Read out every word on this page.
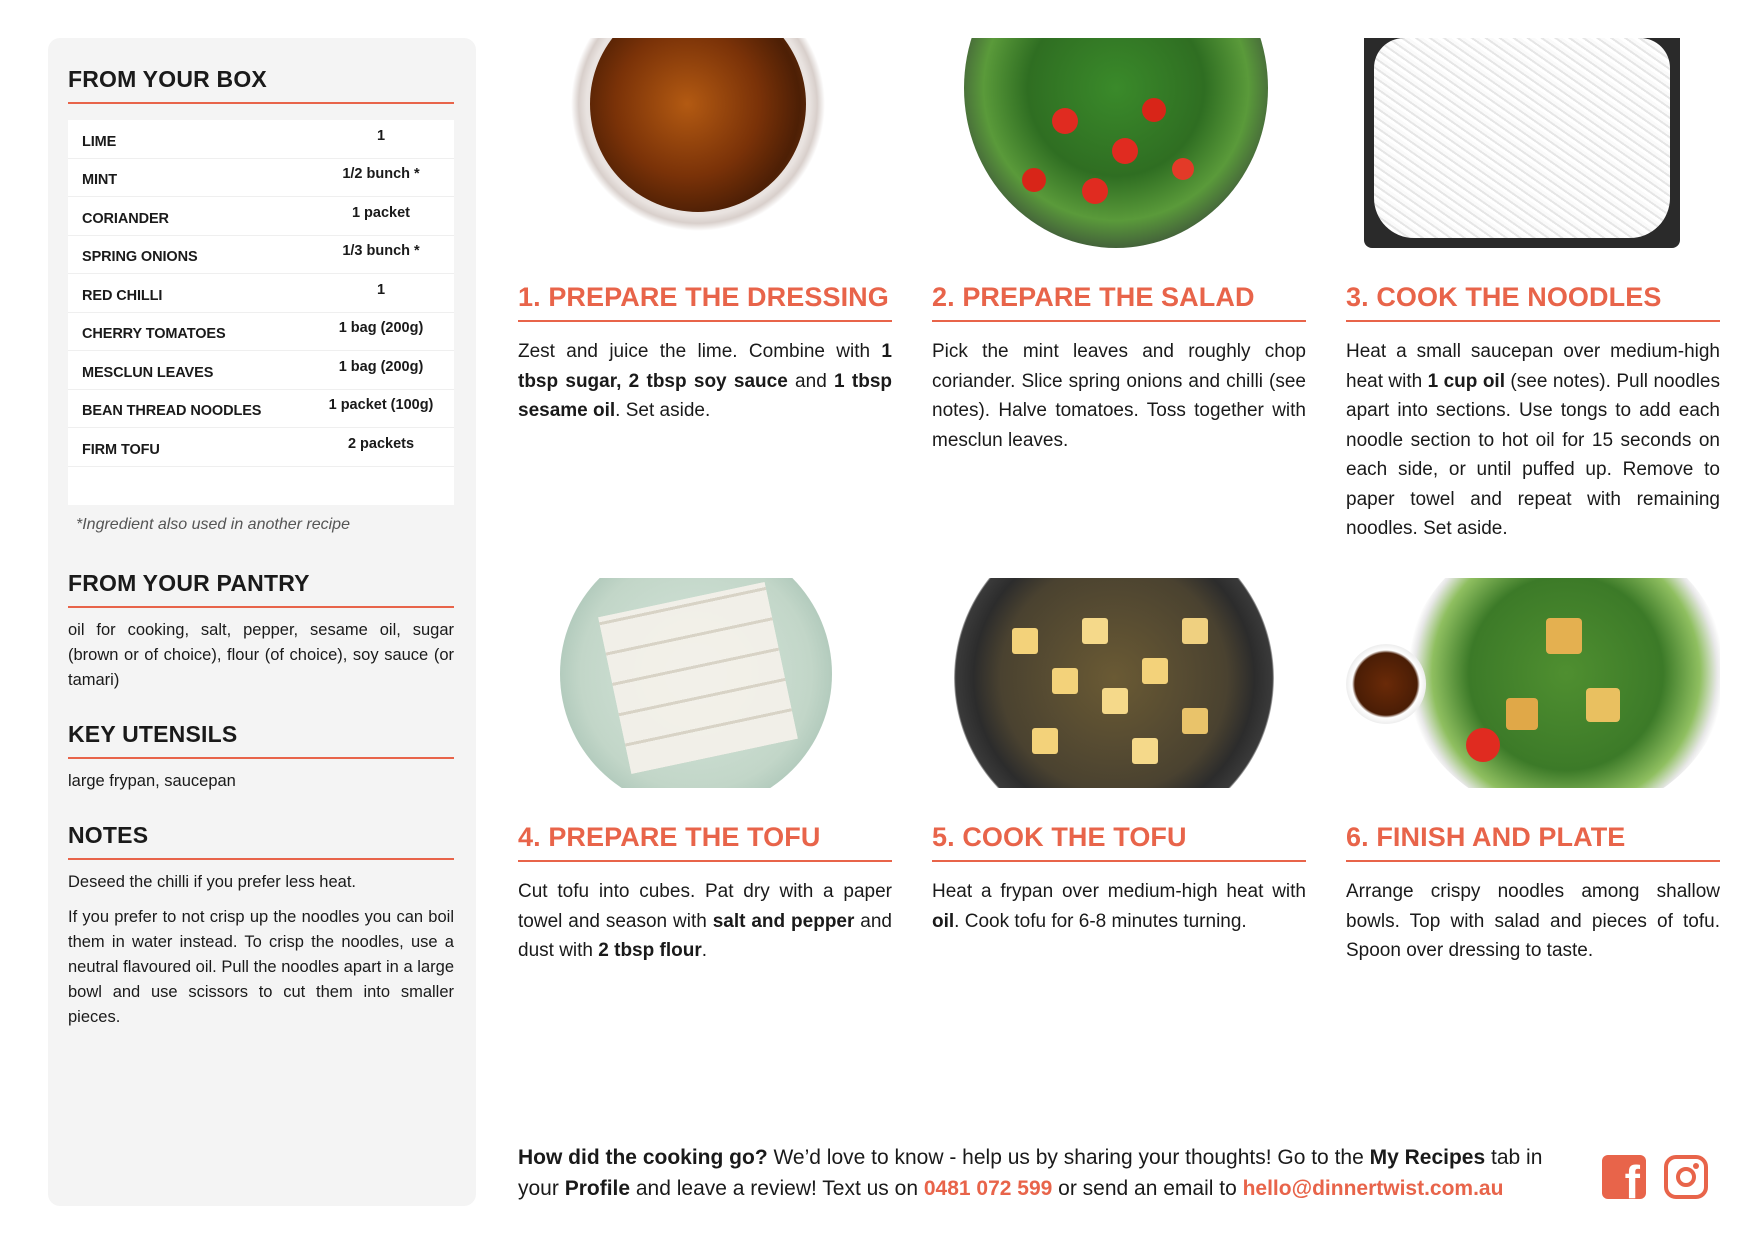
FROM YOUR BOX
LIME	1
MINT	1/2 bunch *
CORIANDER	1 packet
SPRING ONIONS	1/3 bunch *
RED CHILLI	1
CHERRY TOMATOES	1 bag (200g)
MESCLUN LEAVES	1 bag (200g)
BEAN THREAD NOODLES	1 packet (100g)
FIRM TOFU	2 packets
*Ingredient also used in another recipe
FROM YOUR PANTRY

oil for cooking, salt, pepper, sesame oil, sugar (brown or of choice), flour (of choice), soy sauce (or tamari)

KEY UTENSILS

large frypan, saucepan

NOTES

Deseed the chilli if you prefer less heat.

If you prefer to not crisp up the noodles you can boil them in water instead. To crisp the noodles, use a neutral flavoured oil. Pull the noodles apart in a large bowl and use scissors to cut them into smaller pieces.

1. PREPARE THE DRESSING

Zest and juice the lime. Combine with 1 tbsp sugar, 2 tbsp soy sauce and 1 tbsp sesame oil. Set aside.

2. PREPARE THE SALAD

Pick the mint leaves and roughly chop coriander. Slice spring onions and chilli (see notes). Halve tomatoes. Toss together with mesclun leaves.

3. COOK THE NOODLES

Heat a small saucepan over medium-high heat with 1 cup oil (see notes). Pull noodles apart into sections. Use tongs to add each noodle section to hot oil for 15 seconds on each side, or until puffed up. Remove to paper towel and repeat with remaining noodles. Set aside.

4. PREPARE THE TOFU

Cut tofu into cubes. Pat dry with a paper towel and season with salt and pepper and dust with 2 tbsp flour.

5. COOK THE TOFU

Heat a frypan over medium-high heat with oil. Cook tofu for 6-8 minutes turning.

6. FINISH AND PLATE

Arrange crispy noodles among shallow bowls. Top with salad and pieces of tofu. Spoon over dressing to taste.

How did the cooking go? We’d love to know - help us by sharing your thoughts! Go to the My Recipes tab in your Profile and leave a review! Text us on 0481 072 599 or send an email to hello@dinnertwist.com.au	f
